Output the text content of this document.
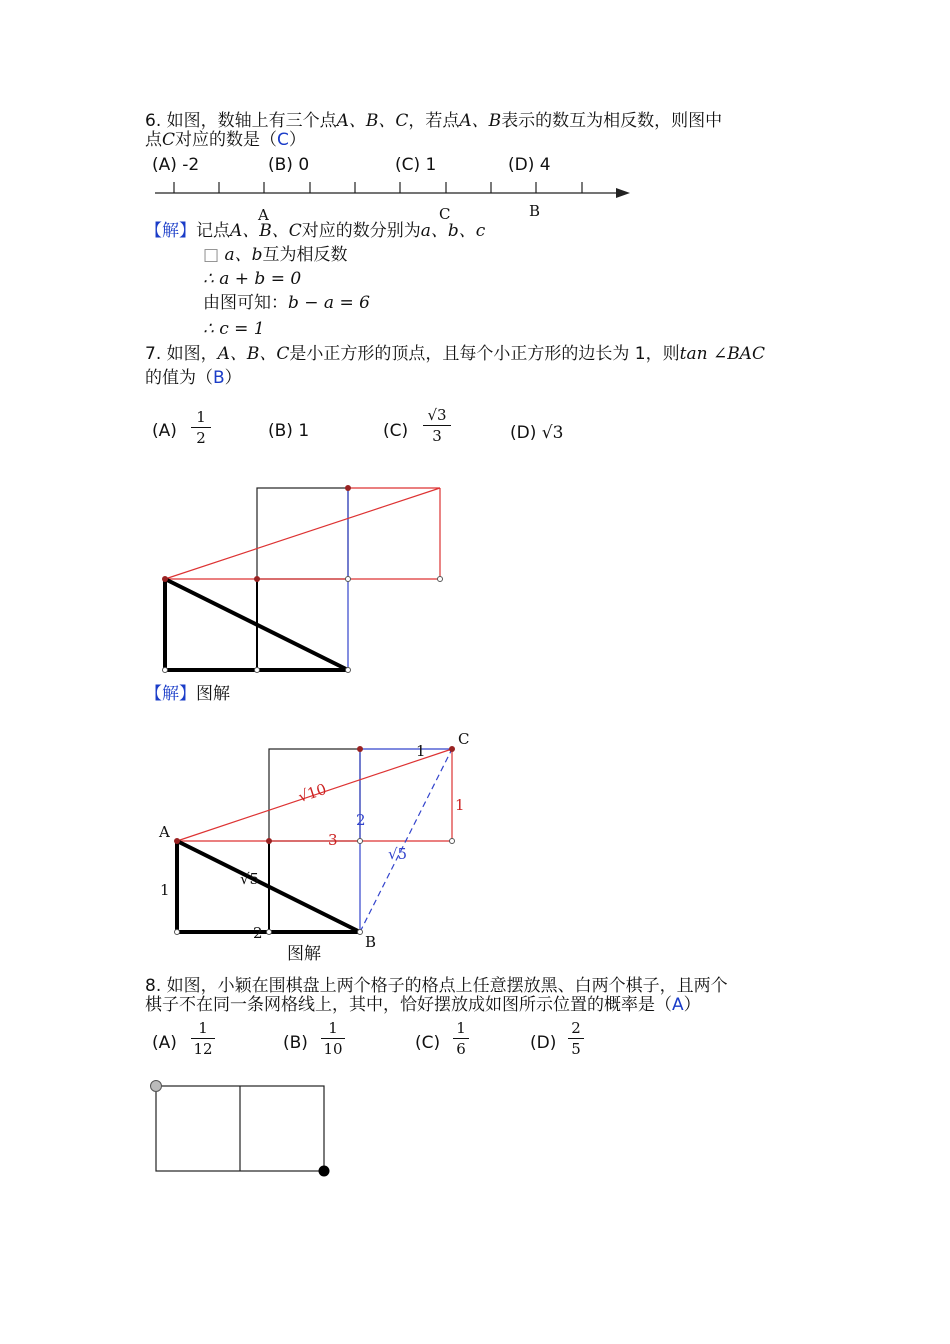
6. 如图，数轴上有三个点A、B、C，若点A、B表示的数互为相反数，则图中
点C对应的数是（C）
(A) -2	(B) 0	(C) 1	(D) 4
A	C	B
【解】记点A、B、C对应的数分别为a、b、c
□ a、b互为相反数
∴ a + b = 0
由图可知：b − a = 6
∴ c = 1
7. 如图，A、B、C是小正方形的顶点，且每个小正方形的边长为 1，则tan ∠BAC
的值为（B）
(A)
1
2	(B) 1	(C)
√3
3	(D) √3
【解】图解
A
B
C
1
1
1
2
2
3
√10
√5
√5
图解
8. 如图，小颖在围棋盘上两个格子的格点上任意摆放黑、白两个棋子，且两个
棋子不在同一条网格线上，其中，恰好摆放成如图所示位置的概率是（A）
(A)
1
12	(B)
1
10	(C)
1
6	(D)
2
5
